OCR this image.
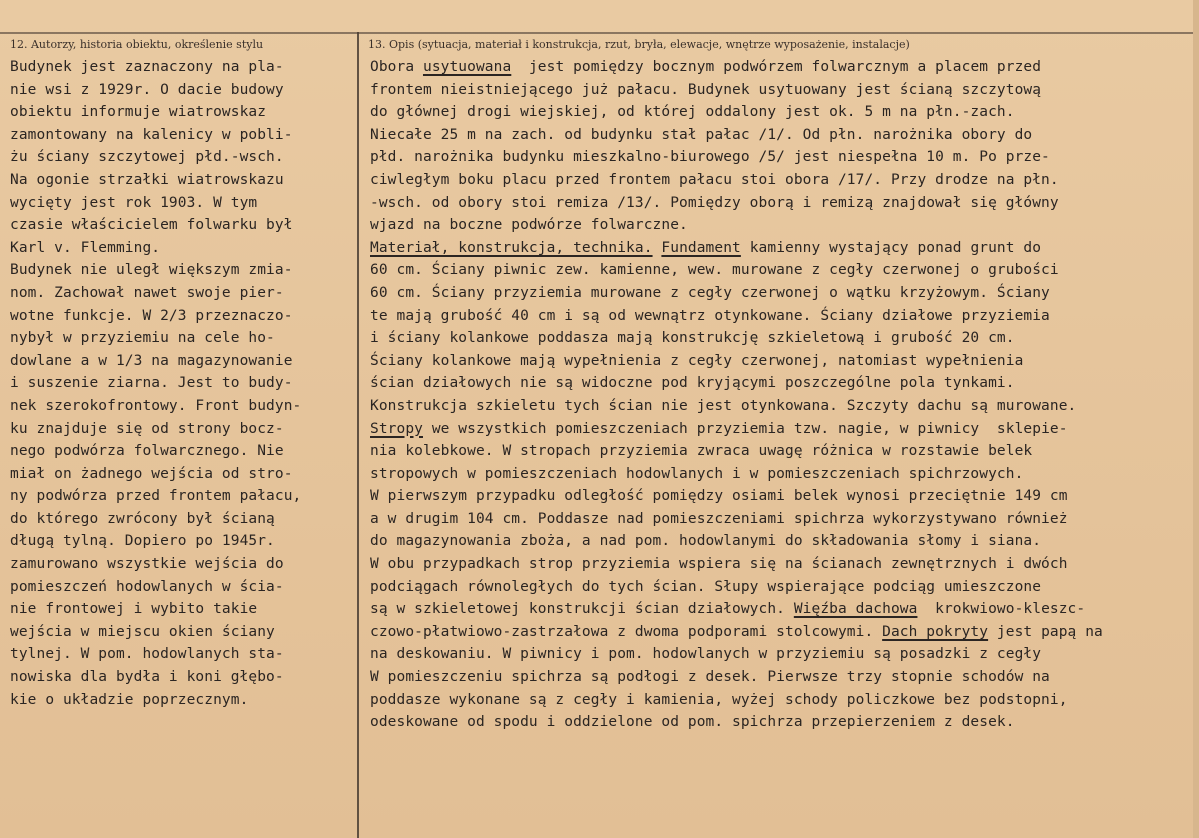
12. Autorzy, historia obiektu, określenie stylu	13. Opis (sytuacja, materiał i konstrukcja, rzut, bryła, elewacje, wnętrze wyposażenie, instalacje)
Budynek jest zaznaczony na pla-
nie wsi z 1929r. O dacie budowy
obiektu informuje wiatrowskaz
zamontowany na kalenicy w pobli-
żu ściany szczytowej płd.-wsch.
Na ogonie strzałki wiatrowskazu
wycięty jest rok 1903. W tym
czasie właścicielem folwarku był
Karl v. Flemming.
Budynek nie uległ większym zmia-
nom. Zachował nawet swoje pier-
wotne funkcje. W 2/3 przeznaczo-
nybył w przyziemiu na cele ho-
dowlane a w 1/3 na magazynowanie
i suszenie ziarna. Jest to budy-
nek szerokofrontowy. Front budyn-
ku znajduje się od strony bocz-
nego podwórza folwarcznego. Nie
miał on żadnego wejścia od stro-
ny podwórza przed frontem pałacu,
do którego zwrócony był ścianą
długą tylną. Dopiero po 1945r.
zamurowano wszystkie wejścia do
pomieszczeń hodowlanych w ścia-
nie frontowej i wybito takie
wejścia w miejscu okien ściany
tylnej. W pom. hodowlanych sta-
nowiska dla bydła i koni głębo-
kie o układzie poprzecznym.
Obora usytuowana  jest pomiędzy bocznym podwórzem folwarcznym a placem przed
frontem nieistniejącego już pałacu. Budynek usytuowany jest ścianą szczytową
do głównej drogi wiejskiej, od której oddalony jest ok. 5 m na płn.-zach.
Niecałe 25 m na zach. od budynku stał pałac /1/. Od płn. narożnika obory do
płd. narożnika budynku mieszkalno-biurowego /5/ jest niespełna 10 m. Po prze-
ciwległym boku placu przed frontem pałacu stoi obora /17/. Przy drodze na płn.
-wsch. od obory stoi remiza /13/. Pomiędzy oborą i remizą znajdował się główny
wjazd na boczne podwórze folwarczne.
Materiał, konstrukcja, technika. Fundament kamienny wystający ponad grunt do
60 cm. Ściany piwnic zew. kamienne, wew. murowane z cegły czerwonej o grubości
60 cm. Ściany przyziemia murowane z cegły czerwonej o wątku krzyżowym. Ściany
te mają grubość 40 cm i są od wewnątrz otynkowane. Ściany działowe przyziemia
i ściany kolankowe poddasza mają konstrukcję szkieletową i grubość 20 cm.
Ściany kolankowe mają wypełnienia z cegły czerwonej, natomiast wypełnienia
ścian działowych nie są widoczne pod kryjącymi poszczególne pola tynkami.
Konstrukcja szkieletu tych ścian nie jest otynkowana. Szczyty dachu są murowane.
Stropy we wszystkich pomieszczeniach przyziemia tzw. nagie, w piwnicy  sklepie-
nia kolebkowe. W stropach przyziemia zwraca uwagę różnica w rozstawie belek
stropowych w pomieszczeniach hodowlanych i w pomieszczeniach spichrzowych.
W pierwszym przypadku odległość pomiędzy osiami belek wynosi przeciętnie 149 cm
a w drugim 104 cm. Poddasze nad pomieszczeniami spichrza wykorzystywano również
do magazynowania zboża, a nad pom. hodowlanymi do składowania słomy i siana.
W obu przypadkach strop przyziemia wspiera się na ścianach zewnętrznych i dwóch
podciągach równoległych do tych ścian. Słupy wspierające podciąg umieszczone
są w szkieletowej konstrukcji ścian działowych. Więźba dachowa  krokwiowo-kleszc-
czowo-płatwiowo-zastrzałowa z dwoma podporami stolcowymi. Dach pokryty jest papą na
na deskowaniu. W piwnicy i pom. hodowlanych w przyziemiu są posadzki z cegły
W pomieszczeniu spichrza są podłogi z desek. Pierwsze trzy stopnie schodów na
poddasze wykonane są z cegły i kamienia, wyżej schody policzkowe bez podstopni,
odeskowane od spodu i oddzielone od pom. spichrza przepierzeniem z desek.
